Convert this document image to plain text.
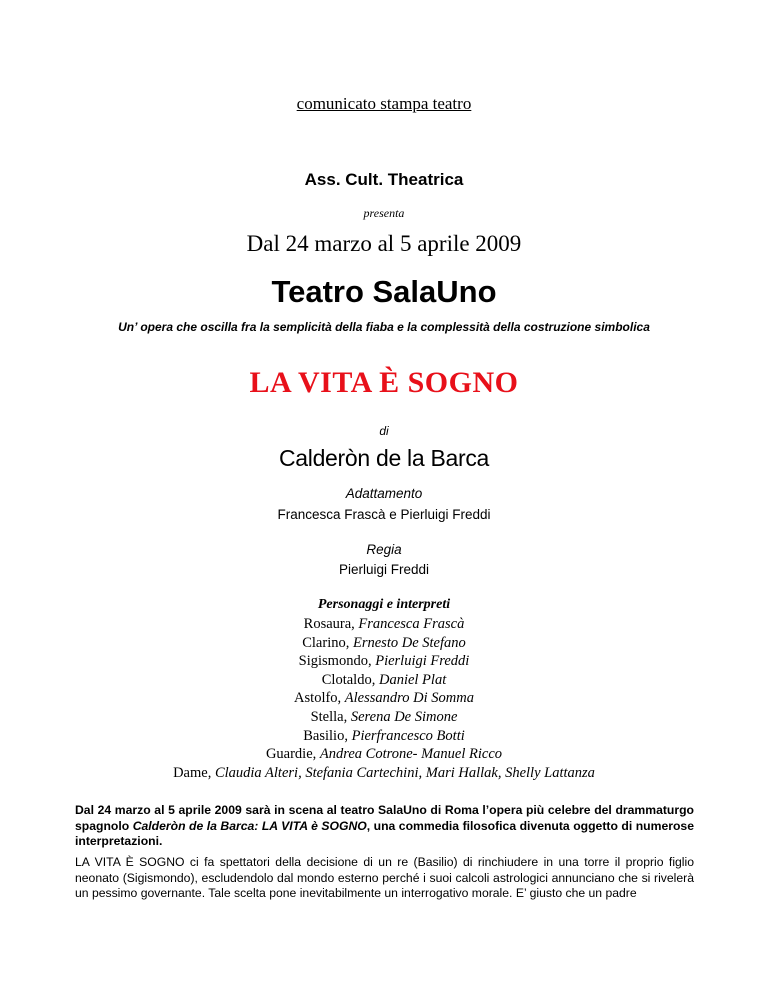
comunicato stampa teatro
Ass. Cult. Theatrica
presenta
Dal 24 marzo al 5 aprile 2009
Teatro SalaUno
Un’ opera che oscilla fra la semplicità della fiaba e la complessità della costruzione simbolica
LA VITA È SOGNO
di
Calderòn de la Barca
Adattamento
Francesca Frascà e Pierluigi Freddi
Regia
Pierluigi Freddi
Personaggi e interpreti
Rosaura, Francesca Frascà
Clarino, Ernesto De Stefano
Sigismondo, Pierluigi Freddi
Clotaldo, Daniel Plat
Astolfo, Alessandro Di Somma
Stella, Serena De Simone
Basilio, Pierfrancesco Botti
Guardie, Andrea Cotrone- Manuel Ricco
Dame, Claudia Alteri, Stefania Cartechini, Mari Hallak, Shelly Lattanza
Dal 24 marzo al 5 aprile 2009 sarà in scena al teatro SalaUno di Roma l’opera più celebre del drammaturgo spagnolo Calderòn de la Barca: LA VITA è SOGNO, una commedia filosofica divenuta oggetto di numerose interpretazioni.
LA VITA È SOGNO ci fa spettatori della decisione di un re (Basilio) di rinchiudere in una torre il proprio figlio neonato (Sigismondo), escludendolo dal mondo esterno perché i suoi calcoli astrologici annunciano che si rivelerà un pessimo governante. Tale scelta pone inevitabilmente un interrogativo morale. E’ giusto che un padre
